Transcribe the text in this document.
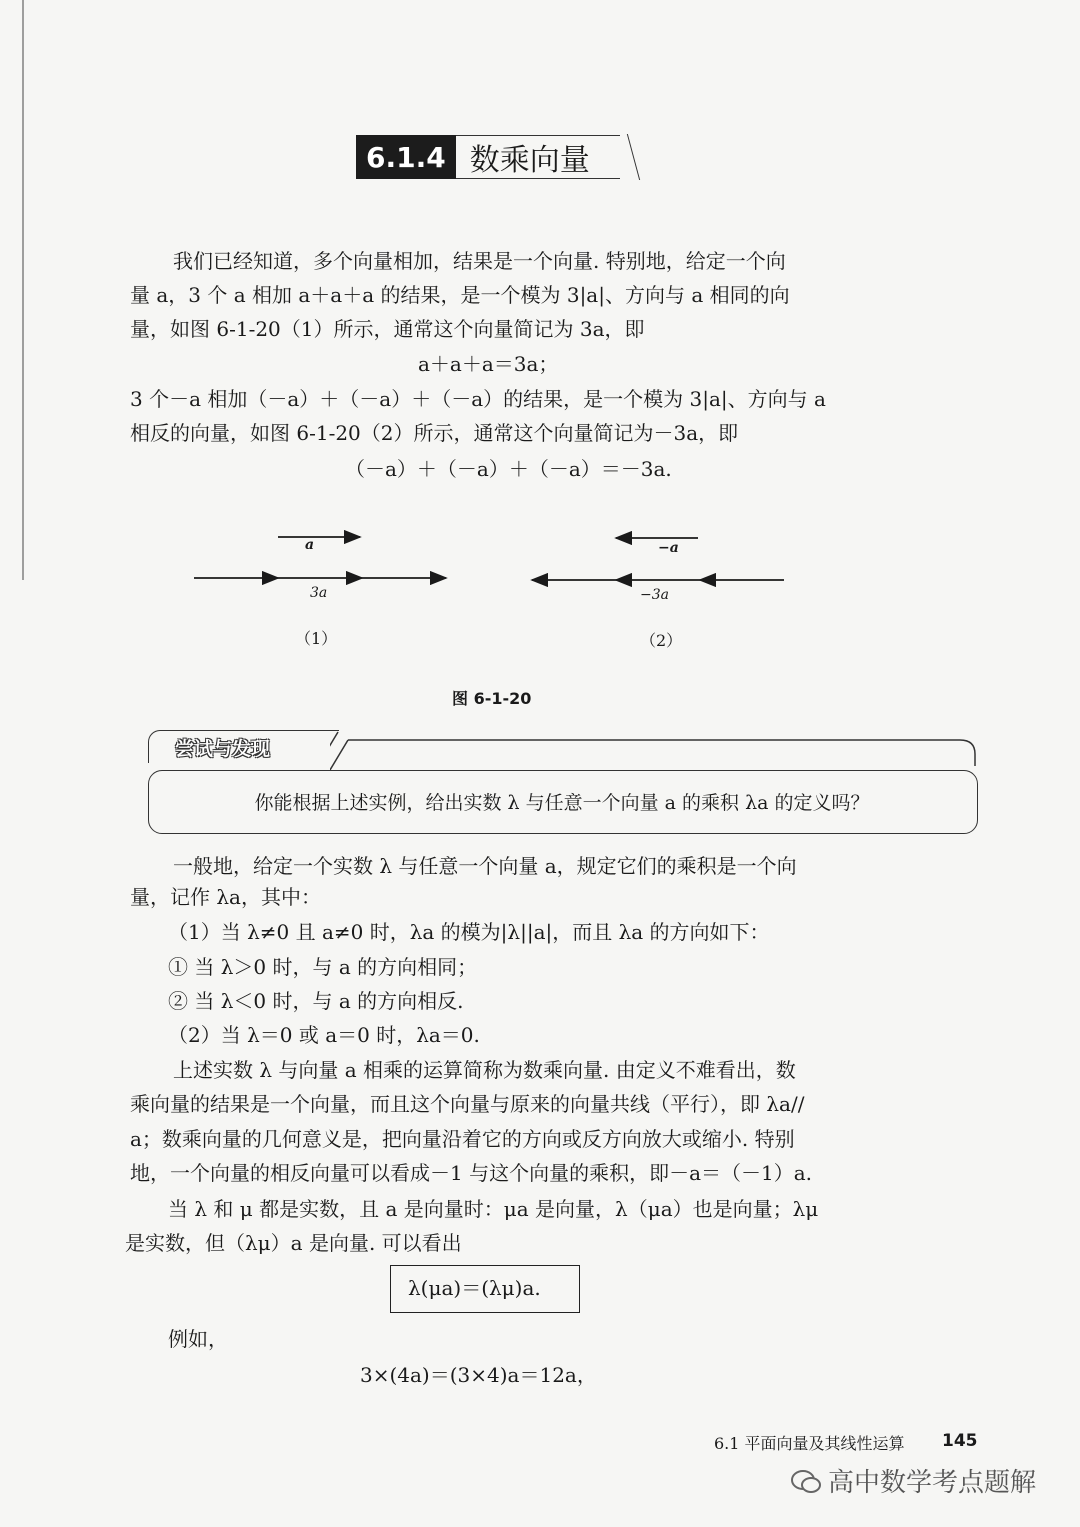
6.1.4 数乘向量
我们已经知道，多个向量相加，结果是一个向量. 特别地，给定一个向
量 a，3 个 a 相加 a＋a＋a 的结果，是一个模为 3|a|、方向与 a 相同的向
量，如图 6-1-20（1）所示，通常这个向量简记为 3a，即
a＋a＋a＝3a；
3 个－a 相加（－a）＋（－a）＋（－a）的结果，是一个模为 3|a|、方向与 a
相反的向量，如图 6-1-20（2）所示，通常这个向量简记为－3a，即
（－a）＋（－a）＋（－a）＝－3a.
a
3a
（1）
−a
−3a
（2）
图 6-1-20
尝试与发现
你能根据上述实例，给出实数 λ 与任意一个向量 a 的乘积 λa 的定义吗？
一般地，给定一个实数 λ 与任意一个向量 a，规定它们的乘积是一个向
量，记作 λa，其中：
（1）当 λ≠0 且 a≠0 时，λa 的模为|λ||a|，而且 λa 的方向如下：
① 当 λ＞0 时，与 a 的方向相同；
② 当 λ＜0 时，与 a 的方向相反.
（2）当 λ＝0 或 a＝0 时，λa＝0.
上述实数 λ 与向量 a 相乘的运算简称为数乘向量. 由定义不难看出，数
乘向量的结果是一个向量，而且这个向量与原来的向量共线（平行），即 λa//
a；数乘向量的几何意义是，把向量沿着它的方向或反方向放大或缩小. 特别
地，一个向量的相反向量可以看成－1 与这个向量的乘积，即－a＝（－1）a.
当 λ 和 μ 都是实数，且 a 是向量时：μa 是向量，λ（μa）也是向量；λμ
是实数，但（λμ）a 是向量. 可以看出
λ(μa)＝(λμ)a.
例如，
3×(4a)＝(3×4)a＝12a，
6.1 平面向量及其线性运算 145
高中数学考点题解
